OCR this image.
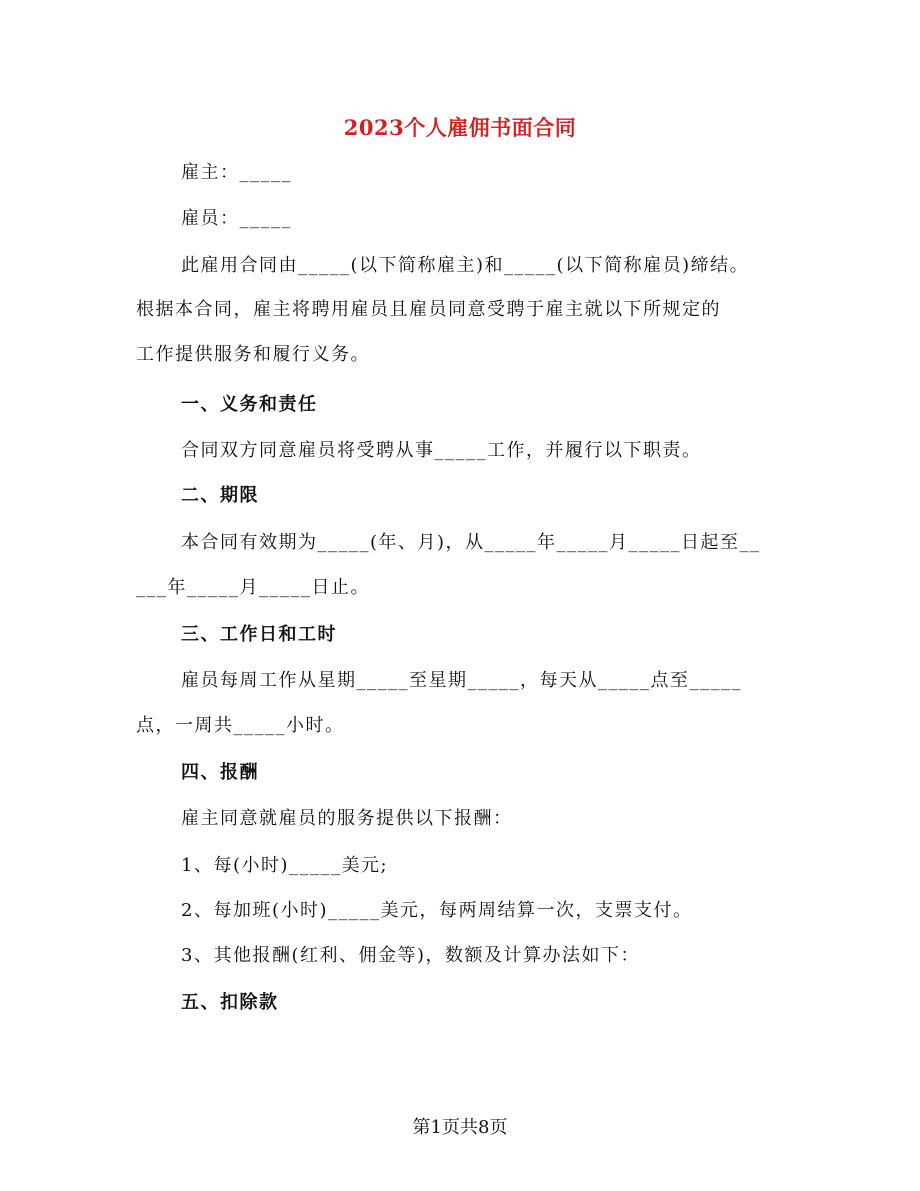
2023个人雇佣书面合同
雇主：_____
雇员：_____
此雇用合同由_____(以下简称雇主)和_____(以下简称雇员)缔结。
根据本合同，雇主将聘用雇员且雇员同意受聘于雇主就以下所规定的
工作提供服务和履行义务。
一、义务和责任
合同双方同意雇员将受聘从事_____工作，并履行以下职责。
二、期限
本合同有效期为_____(年、月)，从_____年_____月_____日起至__
___年_____月_____日止。
三、工作日和工时
雇员每周工作从星期_____至星期_____，每天从_____点至_____
点，一周共_____小时。
四、报酬
雇主同意就雇员的服务提供以下报酬：
1、每(小时)_____美元;
2、每加班(小时)_____美元，每两周结算一次，支票支付。
3、其他报酬(红利、佣金等)，数额及计算办法如下：
五、扣除款
第1页共8页
